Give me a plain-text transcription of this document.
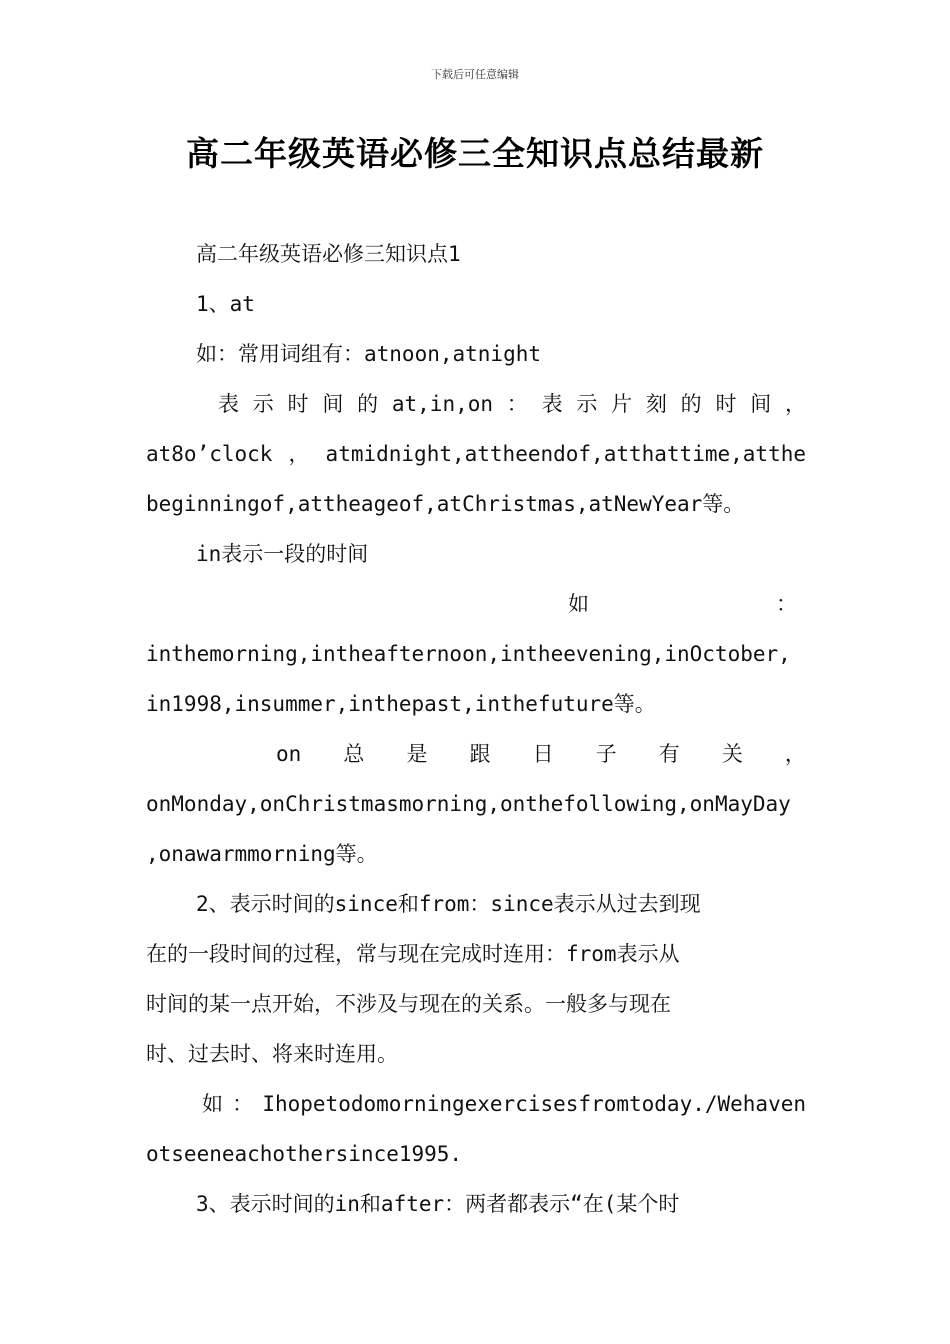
下载后可任意编辑
高二年级英语必修三全知识点总结最新

高二年级英语必修三知识点1

1、at

如：常用词组有：atnoon,atnight

表示时间的at,in,on：表示片刻的时间，
at8o’clock，atmidnight,attheendof,atthattime,atthe
beginningof,attheageof,atChristmas,atNewYear等。

in表示一段的时间

如	：
inthemorning,intheafternoon,intheevening,inOctober,
in1998,insummer,inthepast,inthefuture等。
on 总 是 跟 日 子 有 关 ，
onMonday,onChristmasmorning,onthefollowing,onMayDay
,onawarmmorning等。
2、表示时间的since和from：since表示从过去到现
在的一段时间的过程，常与现在完成时连用：from表示从
时间的某一点开始，不涉及与现在的关系。一般多与现在
时、过去时、将来时连用。
如：Ihopetodomorningexercisesfromtoday./Wehaven
otseeneachothersince1995.
3、表示时间的in和after：两者都表示“在(某个时
